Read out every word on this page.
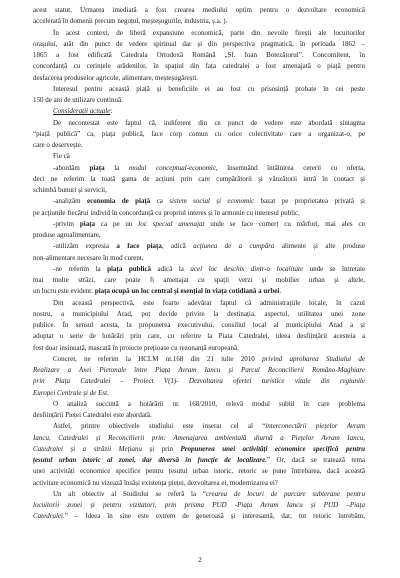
acest statut. Urmarea imediată a fost crearea mediului optim pentru o dezvoltare economică
accelerată în domenii precum negoțul, meșteșugurile, industria, ș.a. ).
În acest context, de liberă expansiune economică, parte din nevoile firești ale locuitorilor
orașului, atât din punct de vedere spiritual dar și din perspectiva pragmatică, în perioada 1862 –
1865 a fost edificată Catedrala Ortodoxă Română „Sf. Ioan Botezătorul”. Concomitent, în
concordanță cu cerințele arădenilor, în spațiul din fața catedralei a fost amenajată o piață pentru
desfacerea produselor agricole, alimentare, meșteșugărești.
Interesul pentru această piață și beneficiile ei au fost cu prisosință probate în cei peste
150 de ani de utilizare continuă.
Considerații actuale:
De necontestat este faptul că, indiferent din ce punct de vedere este abordată sintagma
“piață publică” ca, piața publică, face corp comun cu orice colectivitate care a organizat-o, pe
care o deservește.
Fie că
-abordăm piața la modul conceptual-economic, însemnând întâlnirea cererii cu oferta,
deci ne referim la toată gama de acțiuni prin care cumpărătorii și vânzătorii intră în contact și
schimbă bunuri și servicii,
-analizăm economia de piață ca sistem social și economic bazat pe proprietatea privată și
pe acțiunile fiecărui individ în concordanță cu propriul interes și în armonie cu interesul public,
-privim piața ca pe un loc special amenajat unde se face comerț cu mărfuri, mai ales cu
produse agroalimentare,
-utilizăm expresia a face piața, adică acțiunea de a cumpăra alimente și alte produse
non-alimentare necesare în mod curent,
-ne referim la piața publică adică la acel loc deschis dintr-o localitate unde se întretaie
mai multe străzi, care poate fi amenajat cu spații verzi și mobilier urban și altele,
un lucru este evident: piața ocupă un loc central și esențial în viața cotidiană a urbei.
Din această perspectivă, este foarte adevărat faptul că administrațiile locale, în cazul
nostru, a municipiului Arad, pot decide privire la destinația, aspectul, utilitatea unei zone
publice. În sensul acesta, la propunerea executivului, consiliul local al municipiului Arad a și
adoptat o serie de hotărâri prin care, cu referire la Piata Catedralei, ideea desființării acesteia a
fost doar insinuată, mascată în proiecte prețioase cu rezonanță europeană.
Concret, ne referim la HCLM nr.168 din 21 iulie 2010 privind aprobarea Studiului de
Realizare a Axei Pietonale între Piața Avram Iancu și Parcul Reconcilierii Româno-Maghiare
prin Piața Catedralei - Proiect V(1)- Dezvoltarea ofertei turistice vitale din regiunile
Europei Centrale și de Est.
O analiză succintă a hotărârii nr. 168/2010, relevă modul subtil în care problema
desființării Pieței Catedralei este abordată.
Astfel, printre obiectivele studiului este inserat cel al “interconectării piețelor Avram
Iancu, Catedralei și Reconcilierii prin: Amenajarea ambientală diurnă a Piețelor Avram Iancu,
Catedralei și a străzii Mețianu și prin Propunerea unei activități economice specifică pentru
țesutul urban istoric al zonei, dar diversă în funcție de localizare.” Or, dacă se tratează tema
unei activități economice specifice pentru țesutul urban istoric, retoric se pune întrebarea, dacă această
activitate economică nu vizează însăși existența pieței, dezvoltarea ei, modernizarea ei?
Un alt obiectiv al Studiului se referă la “crearea de locuri de parcare subterane pentru
locuitorii zonei și pentru vizitatori, prin prisma PUD -Piața Avram Iancu și PUD –Piața
Catedralei.” – Ideea în sine este extrem de generoasă și interesantă, dar, tot retoric întrebăm,
2
